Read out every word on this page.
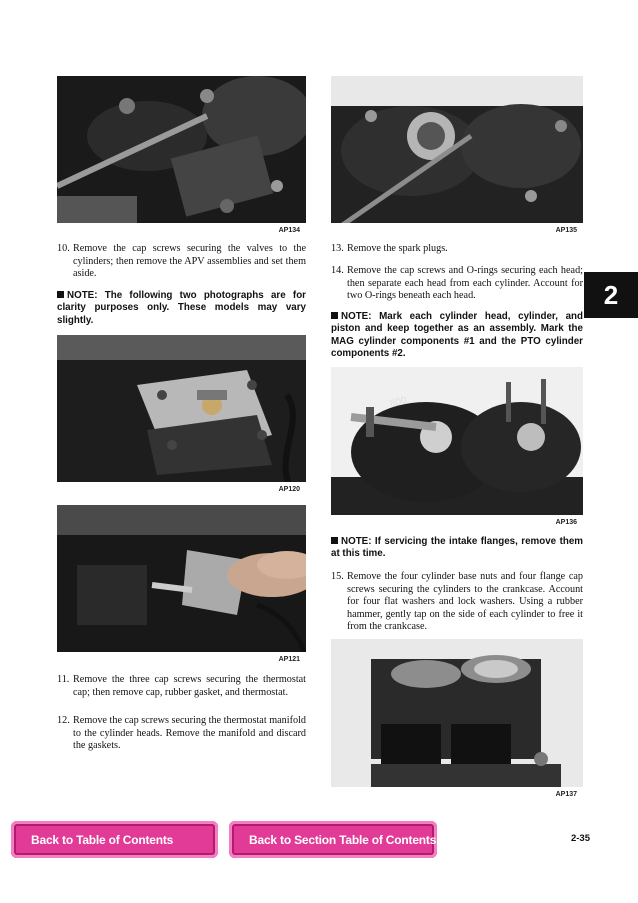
2
AP134	AP135
10. Remove the cap screws securing the valves to the cylinders; then remove the APV assemblies and set them aside.
NOTE: The following two photographs are for clarity purposes only. These models may vary slightly.
AP120
AP121
11. Remove the three cap screws securing the thermostat cap; then remove cap, rubber gasket, and thermostat.
12. Remove the cap screws securing the thermostat manifold to the cylinder heads. Remove the manifold and discard the gaskets.
13. Remove the spark plugs.
14. Remove the cap screws and O-rings securing each head; then separate each head from each cylinder. Account for two O-rings beneath each head.
NOTE: Mark each cylinder head, cylinder, and piston and keep together as an assembly. Mark the MAG cylinder components #1 and the PTO cylinder components #2.
800
AP136
NOTE: If servicing the intake flanges, remove them at this time.
15. Remove the four cylinder base nuts and four flange cap screws securing the cylinders to the crankcase. Account for four flat washers and lock washers. Using a rubber hammer, gently tap on the side of each cylinder to free it from the crankcase.
AP137
Back to Table of Contents	Back to Section Table of Contents	2-35
